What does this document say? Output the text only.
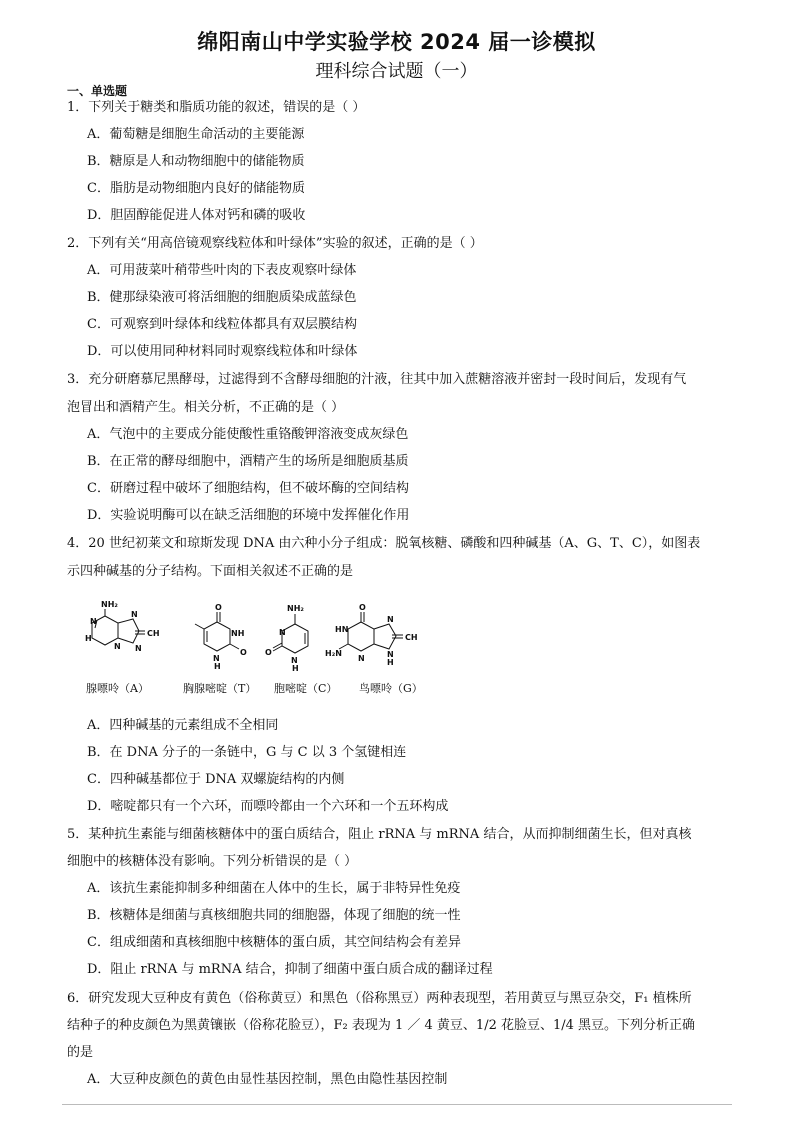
绵阳南山中学实验学校 2024 届一诊模拟
理科综合试题（一）
一、单选题
1．下列关于糖类和脂质功能的叙述，错误的是（ ）
A．葡萄糖是细胞生命活动的主要能源
B．糖原是人和动物细胞中的储能物质
C．脂肪是动物细胞内良好的储能物质
D．胆固醇能促进人体对钙和磷的吸收
2．下列有关“用高倍镜观察线粒体和叶绿体”实验的叙述，正确的是（ ）
A．可用菠菜叶稍带些叶肉的下表皮观察叶绿体
B．健那绿染液可将活细胞的细胞质染成蓝绿色
C．可观察到叶绿体和线粒体都具有双层膜结构
D．可以使用同种材料同时观察线粒体和叶绿体
3．充分研磨慕尼黑酵母，过滤得到不含酵母细胞的汁液，往其中加入蔗糖溶液并密封一段时间后，发现有气
泡冒出和酒精产生。相关分析，不正确的是（ ）
A．气泡中的主要成分能使酸性重铬酸钾溶液变成灰绿色
B．在正常的酵母细胞中，酒精产生的场所是细胞质基质
C．研磨过程中破坏了细胞结构，但不破坏酶的空间结构
D．实验说明酶可以在缺乏活细胞的环境中发挥催化作用
4．20 世纪初莱文和琼斯发现 DNA 由六种小分子组成：脱氧核糖、磷酸和四种碱基（A、G、T、C），如图表
示四种碱基的分子结构。下面相关叙述不正确的是
NH₂
N
H
N
N
CH
N
O
NH
O
N
H
NH₂
N
O
N
H
O
HN
H₂N
N
N
CH
N
H
腺嘌呤（A）	胸腺嘧啶（T） 胞嘧啶（C） 鸟嘌呤（G）
A．四种碱基的元素组成不全相同
B．在 DNA 分子的一条链中，G 与 C 以 3 个氢键相连
C．四种碱基都位于 DNA 双螺旋结构的内侧
D．嘧啶都只有一个六环，而嘌呤都由一个六环和一个五环构成
5．某种抗生素能与细菌核糖体中的蛋白质结合，阻止 rRNA 与 mRNA 结合，从而抑制细菌生长，但对真核
细胞中的核糖体没有影响。下列分析错误的是（ ）
A．该抗生素能抑制多种细菌在人体中的生长，属于非特异性免疫
B．核糖体是细菌与真核细胞共同的细胞器，体现了细胞的统一性
C．组成细菌和真核细胞中核糖体的蛋白质，其空间结构会有差异
D．阻止 rRNA 与 mRNA 结合，抑制了细菌中蛋白质合成的翻译过程
6．研究发现大豆种皮有黄色（俗称黄豆）和黑色（俗称黑豆）两种表现型，若用黄豆与黑豆杂交，F₁ 植株所
结种子的种皮颜色为黑黄镶嵌（俗称花脸豆），F₂ 表现为 1 ／ 4 黄豆、1/2 花脸豆、1/4 黑豆。下列分析正确
的是
A．大豆种皮颜色的黄色由显性基因控制，黑色由隐性基因控制
